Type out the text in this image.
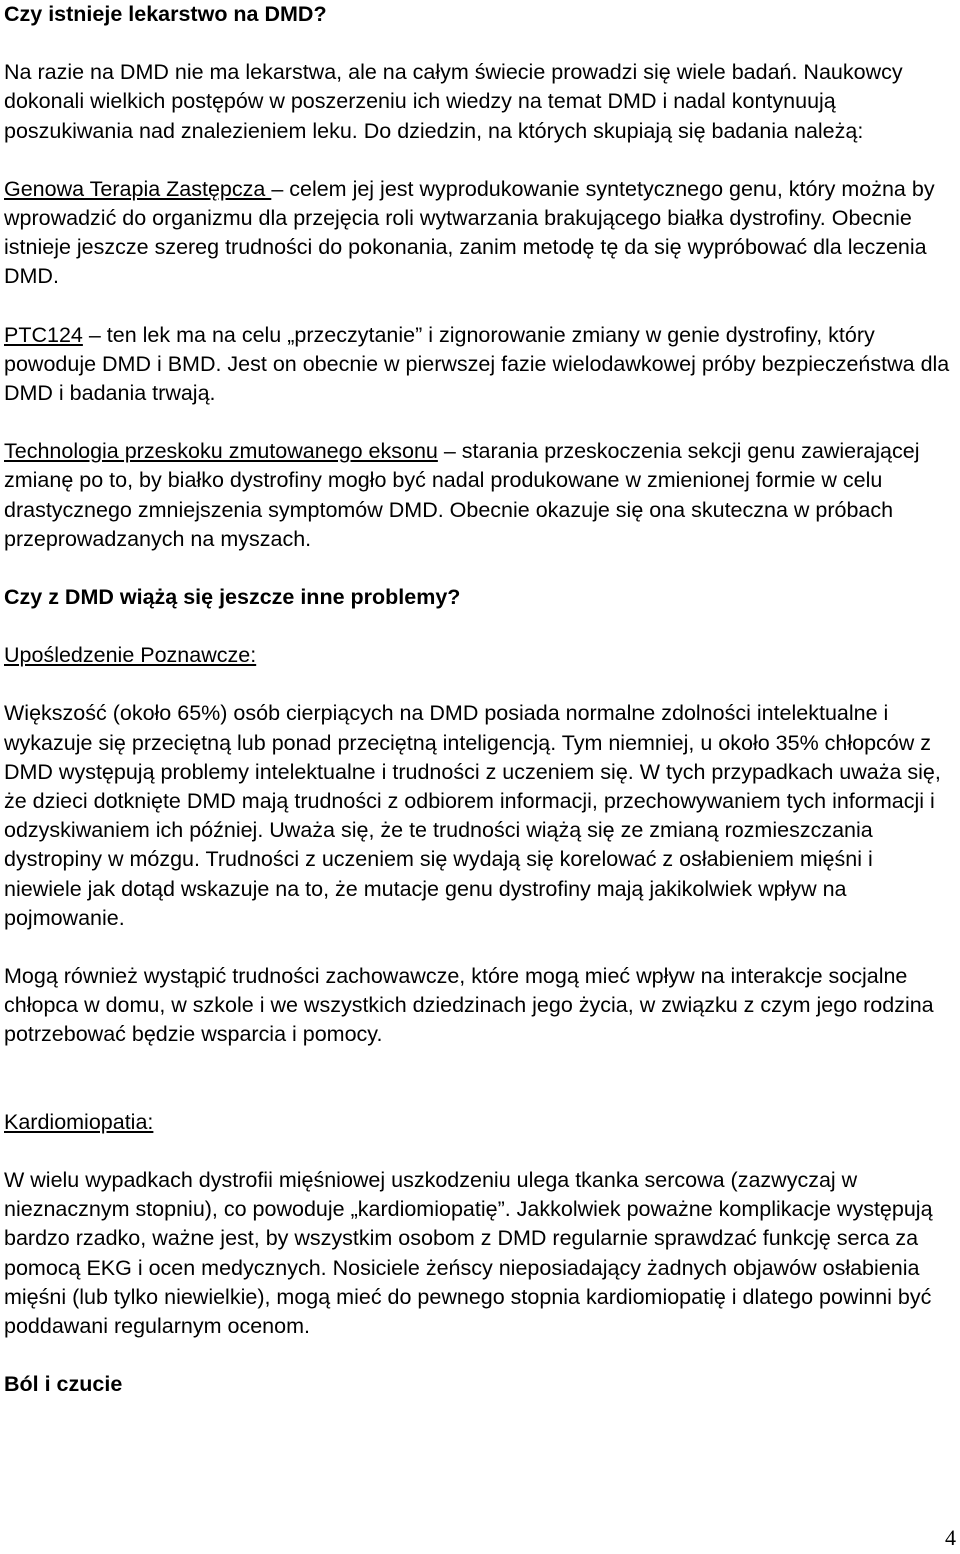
Czy istnieje lekarstwo na DMD?

Na razie na DMD nie ma lekarstwa, ale na całym świecie prowadzi się wiele badań. Naukowcy dokonali wielkich postępów w poszerzeniu ich wiedzy na temat DMD i nadal kontynuują poszukiwania nad znalezieniem leku. Do dziedzin, na których skupiają się badania należą:

Genowa Terapia Zastępcza – celem jej jest wyprodukowanie syntetycznego genu, który można by wprowadzić do organizmu dla przejęcia roli wytwarzania brakującego białka dystrofiny. Obecnie istnieje jeszcze szereg trudności do pokonania, zanim metodę tę da się wypróbować dla leczenia DMD.

PTC124 – ten lek ma na celu „przeczytanie” i zignorowanie zmiany w genie dystrofiny, który powoduje DMD i BMD. Jest on obecnie w pierwszej fazie wielodawkowej próby bezpieczeństwa dla DMD i badania trwają.

Technologia przeskoku zmutowanego eksonu – starania przeskoczenia sekcji genu zawierającej zmianę po to, by białko dystrofiny mogło być nadal produkowane w zmienionej formie w celu drastycznego zmniejszenia symptomów DMD. Obecnie okazuje się ona skuteczna w próbach przeprowadzanych na myszach.

Czy z DMD wiążą się jeszcze inne problemy?

Upośledzenie Poznawcze:

Większość (około 65%) osób cierpiących na DMD posiada normalne zdolności intelektualne i wykazuje się przeciętną lub ponad przeciętną inteligencją. Tym niemniej, u około 35% chłopców z DMD występują problemy intelektualne i trudności z uczeniem się. W tych przypadkach uważa się, że dzieci dotknięte DMD mają trudności z odbiorem informacji, przechowywaniem tych informacji i odzyskiwaniem ich później. Uważa się, że te trudności wiążą się ze zmianą rozmieszczania dystropiny w mózgu. Trudności z uczeniem się wydają się korelować z osłabieniem mięśni i niewiele jak dotąd wskazuje na to, że mutacje genu dystrofiny mają jakikolwiek wpływ na pojmowanie.

Mogą również wystąpić trudności zachowawcze, które mogą mieć wpływ na interakcje socjalne chłopca w domu, w szkole i we wszystkich dziedzinach jego życia, w związku z czym jego rodzina potrzebować będzie wsparcia i pomocy.

Kardiomiopatia:

W wielu wypadkach dystrofii mięśniowej uszkodzeniu ulega tkanka sercowa (zazwyczaj w nieznacznym stopniu), co powoduje „kardiomiopatię”. Jakkolwiek poważne komplikacje występują bardzo rzadko, ważne jest, by wszystkim osobom z DMD regularnie sprawdzać funkcję serca za pomocą EKG i ocen medycznych. Nosiciele żeńscy nieposiadający żadnych objawów osłabienia mięśni (lub tylko niewielkie), mogą mieć do pewnego stopnia kardiomiopatię i dlatego powinni być poddawani regularnym ocenom.

Ból i czucie
4
